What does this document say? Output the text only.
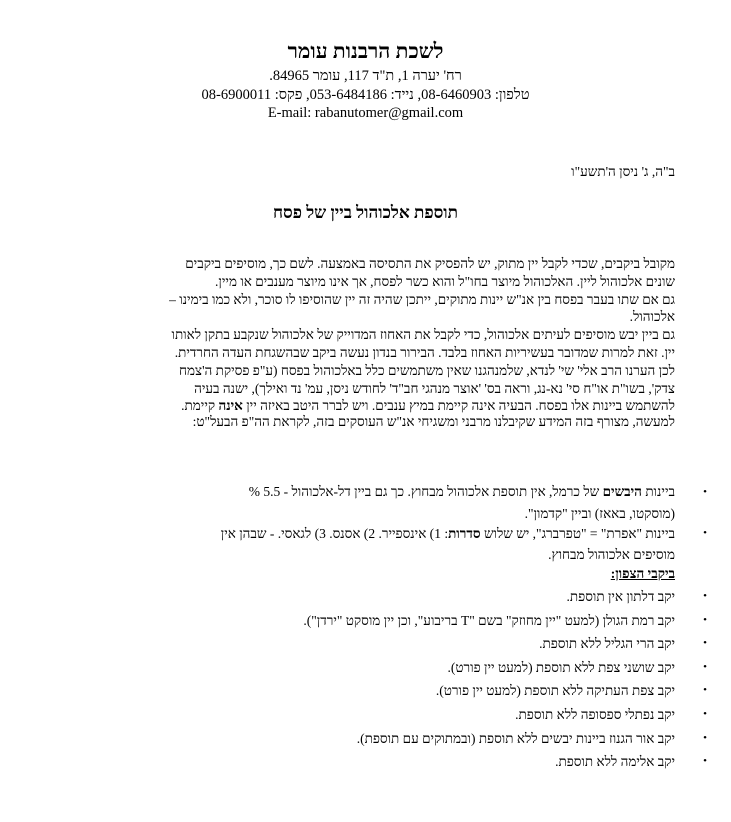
לשכת הרבנות עומר
רח' יערה 1, ת"ד 117, עומר 84965.
טלפון: 08-6460903, נייד: 053-6484186, פקס: 08-6900011
E-mail: rabanutomer@gmail.com
ב"ה, ג' ניסן ה'תשע"ו
תוספת אלכוהול ביין של פסח
מקובל ביקבים, שכדי לקבל יין מתוק, יש להפסיק את התסיסה באמצעה. לשם כך, מוסיפים ביקבים
שונים אלכוהול ליין. האלכוהול מיוצר בחו"ל והוא כשר לפסח, אך אינו מיוצר מענבים או מיין.
גם אם שתו בעבר בפסח בין אנ"ש יינות מתוקים, ייתכן שהיה זה יין שהוסיפו לו סוכר, ולא כמו בימינו –
אלכוהול.
גם ביין יבש מוסיפים לעיתים אלכוהול, כדי לקבל את האחוז המדוייק של אלכוהול שנקבע בתקן לאותו
יין. זאת למרות שמדובר בעשיריות האחוז בלבד. הבירור בנדון נעשה ביקב שבהשגחת העדה החרדית.
לכן הערנו הרב אלי' שי' לנדא, שלמנהגנו שאין משתמשים כלל באלכוהול בפסח (ע"פ פסיקת ה'צמח
צדק', בשו"ת או"ח סי' נא-נג, וראה בס' 'אוצר מנהגי חב"ד' לחודש ניסן, עמ' נד ואילך), ישנה בעיה
להשתמש ביינות אלו בפסח. הבעיה אינה קיימת במיץ ענבים. ויש לברר היטב באיזה יין אינה קיימת.
למעשה, מצורף בזה המידע שקיבלנו מרבני ומשגיחי אנ"ש העוסקים בזה, לקראת הה"פ הבעל"ט:
•
ביינות היבשים של כרמל, אין תוספת אלכוהול מבחוץ. כך גם ביין דל-אלכוהול - 5.5 %
(מוסקטו, באאז) וביין "קדמון".
•
ביינות "אפרת" = "טפרברג", יש שלוש סדרות: 1) אינספייר. 2) אסנס. 3) לגאסי. - שבהן אין
מוסיפים אלכוהול מבחוץ.
ביקבי הצפון:
•
יקב דלתון אין תוספת.
•
יקב רמת הגולן (למעט "יין מחוזק" בשם "T בריבוע", וכן יין מוסקט "ירדן").
•
יקב הרי הגליל ללא תוספת.
•
יקב שושני צפת ללא תוספת (למעט יין פורט).
•
יקב צפת העתיקה ללא תוספת (למעט יין פורט).
•
יקב נפתלי ספסופה ללא תוספת.
•
יקב אור הגנוז ביינות יבשים ללא תוספת (ובמתוקים עם תוספת).
•
יקב אלימה ללא תוספת.
